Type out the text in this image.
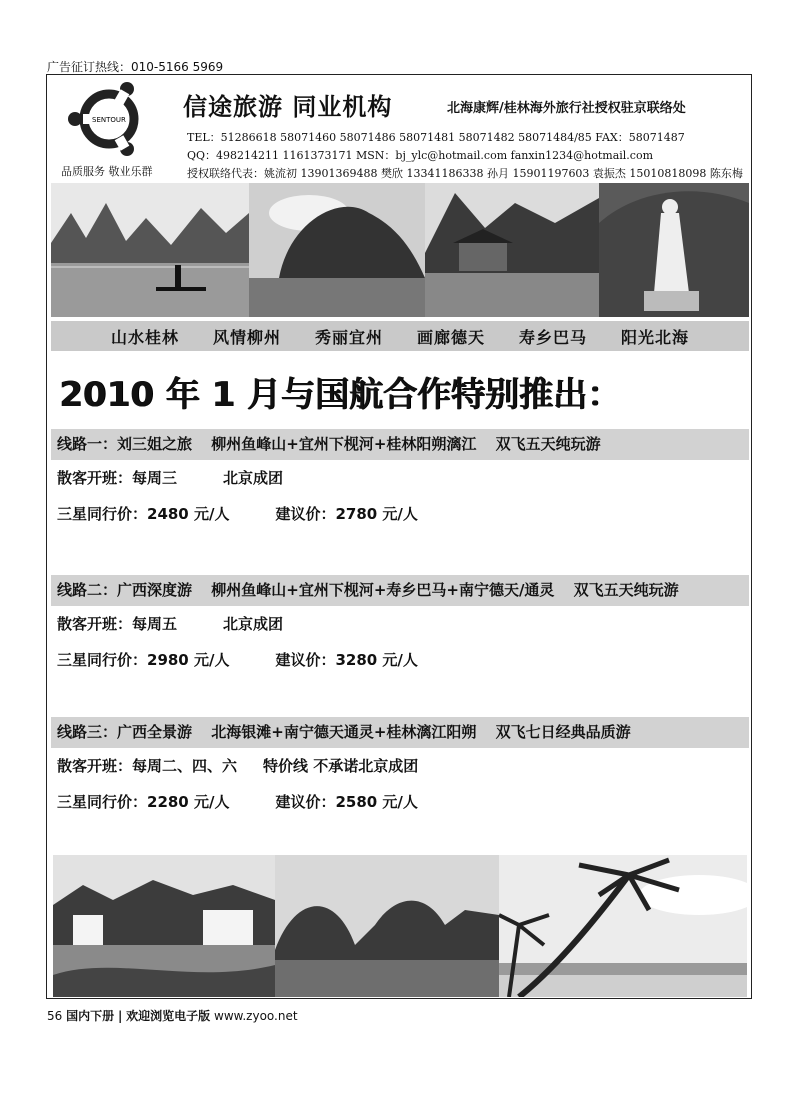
广告征订热线：010-5166 5969
SENTOUR
品质服务 敬业乐群
信途旅游 同业机构	北海康辉/桂林海外旅行社授权驻京联络处
TEL：51286618 58071460 58071486 58071481 58071482 58071484/85 FAX：58071487
QQ：498214211 1161373171 MSN：bj_ylc@hotmail.com fanxin1234@hotmail.com
授权联络代表：姚流初 13901369488 樊欣 13341186338 孙月 15901197603 袁振杰 15010818098 陈东梅
山水桂林 风情柳州 秀丽宜州 画廊德天 寿乡巴马 阳光北海
2010 年 1 月与国航合作特别推出：
线路一：刘三姐之旅 柳州鱼峰山+宜州下枧河+桂林阳朔漓江 双飞五天纯玩游
散客开班：每周三	北京成团
三星同行价：2480 元/人	建议价：2780 元/人
线路二：广西深度游 柳州鱼峰山+宜州下枧河+寿乡巴马+南宁德天/通灵 双飞五天纯玩游
散客开班：每周五	北京成团
三星同行价：2980 元/人	建议价：3280 元/人
线路三：广西全景游 北海银滩+南宁德天通灵+桂林漓江阳朔 双飞七日经典品质游
散客开班：每周二、四、六 特价线 不承诺北京成团
三星同行价：2280 元/人	建议价：2580 元/人
56 国内下册 | 欢迎浏览电子版 www.zyoo.net
